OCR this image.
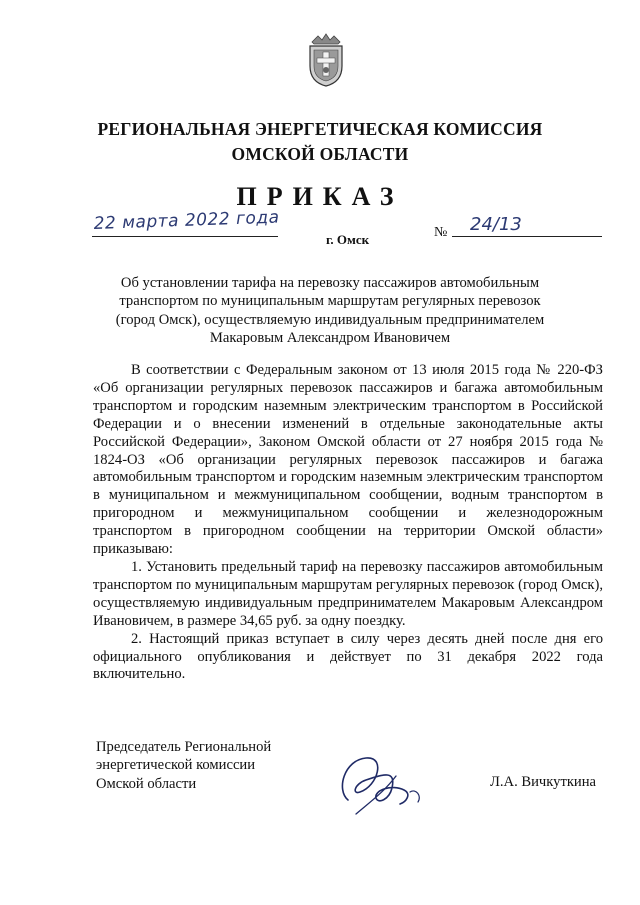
РЕГИОНАЛЬНАЯ ЭНЕРГЕТИЧЕСКАЯ КОМИССИЯ
ОМСКОЙ ОБЛАСТИ
ПРИКАЗ
22 марта 2022 года
г. Омск	№ 24/13
Об установлении тарифа на перевозку пассажиров автомобильным
транспортом по муниципальным маршрутам регулярных перевозок
(город Омск), осуществляемую индивидуальным предпринимателем
Макаровым Александром Ивановичем

В соответствии с Федеральным законом от 13 июля 2015 года № 220-ФЗ «Об организации регулярных перевозок пассажиров и багажа автомобильным транспортом и городским наземным электрическим транспортом в Российской Федерации и о внесении изменений в отдельные законодательные акты Российской Федерации», Законом Омской области от 27 ноября 2015 года № 1824-ОЗ «Об организации регулярных перевозок пассажиров и багажа автомобильным транспортом и городским наземным электрическим транспортом в муниципальном и межмуниципальном сообщении, водным транспортом в пригородном и межмуниципальном сообщении и железнодорожным транспортом в пригородном сообщении на территории Омской области» приказываю:

1. Установить предельный тариф на перевозку пассажиров автомобильным транспортом по муниципальным маршрутам регулярных перевозок (город Омск), осуществляемую индивидуальным предпринимателем Макаровым Александром Ивановичем, в размере 34,65 руб. за одну поездку.

2. Настоящий приказ вступает в силу через десять дней после дня его официального опубликования и действует по 31 декабря 2022 года включительно.

Председатель Региональной
энергетической комиссии
Омской области	Л.А. Вичкуткина
